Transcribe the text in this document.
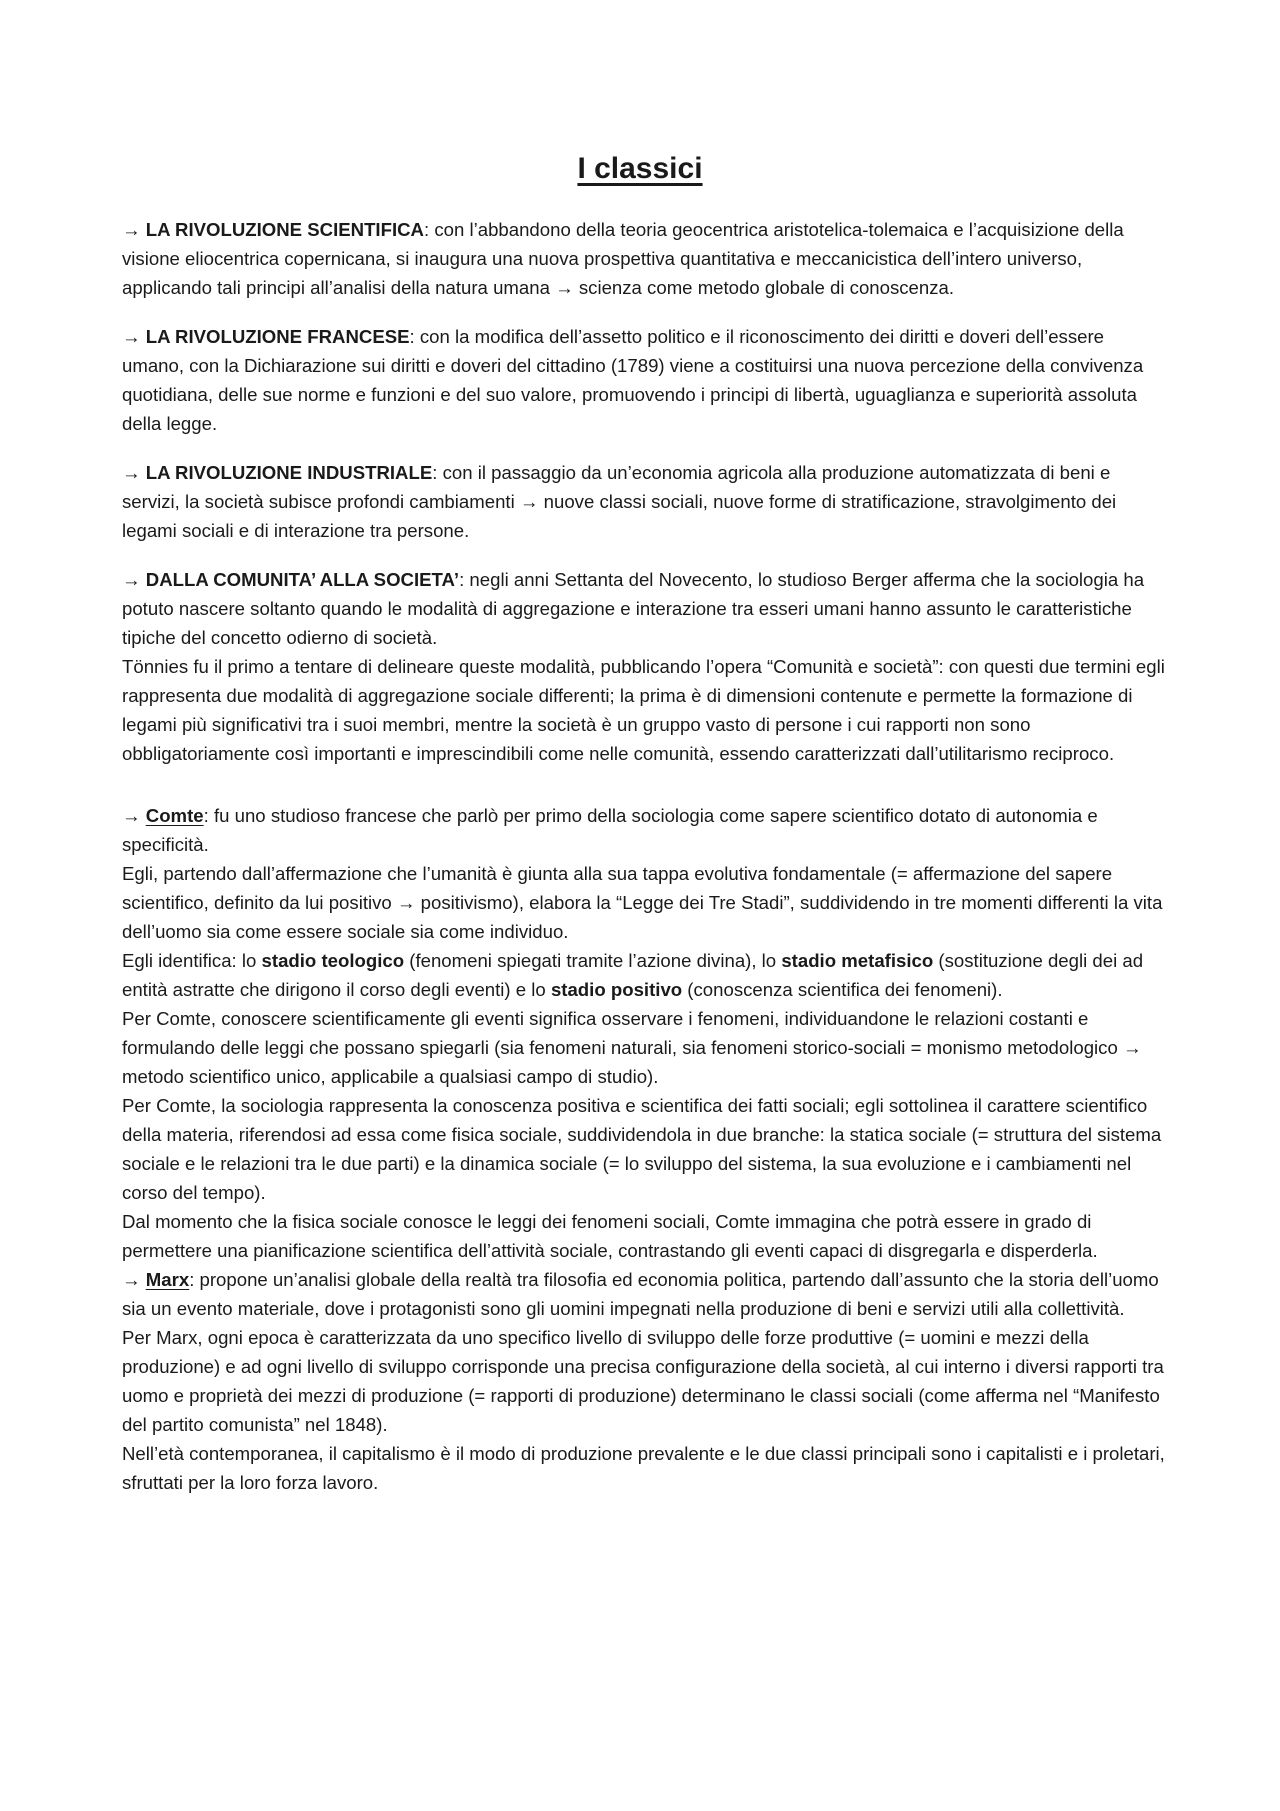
I classici

→ LA RIVOLUZIONE SCIENTIFICA: con l’abbandono della teoria geocentrica aristotelica-tolemaica e l’acquisizione della visione eliocentrica copernicana, si inaugura una nuova prospettiva quantitativa e meccanicistica dell’intero universo, applicando tali principi all’analisi della natura umana → scienza come metodo globale di conoscenza.

→ LA RIVOLUZIONE FRANCESE: con la modifica dell’assetto politico e il riconoscimento dei diritti e doveri dell’essere umano, con la Dichiarazione sui diritti e doveri del cittadino (1789) viene a costituirsi una nuova percezione della convivenza quotidiana, delle sue norme e funzioni e del suo valore, promuovendo i principi di libertà, uguaglianza e superiorità assoluta della legge.

→ LA RIVOLUZIONE INDUSTRIALE: con il passaggio da un’economia agricola alla produzione automatizzata di beni e servizi, la società subisce profondi cambiamenti → nuove classi sociali, nuove forme di stratificazione, stravolgimento dei legami sociali e di interazione tra persone.

→ DALLA COMUNITA’ ALLA SOCIETA’: negli anni Settanta del Novecento, lo studioso Berger afferma che la sociologia ha potuto nascere soltanto quando le modalità di aggregazione e interazione tra esseri umani hanno assunto le caratteristiche tipiche del concetto odierno di società.

Tönnies fu il primo a tentare di delineare queste modalità, pubblicando l’opera “Comunità e società”: con questi due termini egli rappresenta due modalità di aggregazione sociale differenti; la prima è di dimensioni contenute e permette la formazione di legami più significativi tra i suoi membri, mentre la società è un gruppo vasto di persone i cui rapporti non sono obbligatoriamente così importanti e imprescindibili come nelle comunità, essendo caratterizzati dall’utilitarismo reciproco.

→ Comte: fu uno studioso francese che parlò per primo della sociologia come sapere scientifico dotato di autonomia e specificità.

Egli, partendo dall’affermazione che l’umanità è giunta alla sua tappa evolutiva fondamentale (= affermazione del sapere scientifico, definito da lui positivo → positivismo), elabora la “Legge dei Tre Stadi”, suddividendo in tre momenti differenti la vita dell’uomo sia come essere sociale sia come individuo.

Egli identifica: lo stadio teologico (fenomeni spiegati tramite l’azione divina), lo stadio metafisico (sostituzione degli dei ad entità astratte che dirigono il corso degli eventi) e lo stadio positivo (conoscenza scientifica dei fenomeni).

Per Comte, conoscere scientificamente gli eventi significa osservare i fenomeni, individuandone le relazioni costanti e formulando delle leggi che possano spiegarli (sia fenomeni naturali, sia fenomeni storico-sociali = monismo metodologico → metodo scientifico unico, applicabile a qualsiasi campo di studio).

Per Comte, la sociologia rappresenta la conoscenza positiva e scientifica dei fatti sociali; egli sottolinea il carattere scientifico della materia, riferendosi ad essa come fisica sociale, suddividendola in due branche: la statica sociale (= struttura del sistema sociale e le relazioni tra le due parti) e la dinamica sociale (= lo sviluppo del sistema, la sua evoluzione e i cambiamenti nel corso del tempo).

Dal momento che la fisica sociale conosce le leggi dei fenomeni sociali, Comte immagina che potrà essere in grado di permettere una pianificazione scientifica dell’attività sociale, contrastando gli eventi capaci di disgregarla e disperderla.

→ Marx: propone un’analisi globale della realtà tra filosofia ed economia politica, partendo dall’assunto che la storia dell’uomo sia un evento materiale, dove i protagonisti sono gli uomini impegnati nella produzione di beni e servizi utili alla collettività.

Per Marx, ogni epoca è caratterizzata da uno specifico livello di sviluppo delle forze produttive (= uomini e mezzi della produzione) e ad ogni livello di sviluppo corrisponde una precisa configurazione della società, al cui interno i diversi rapporti tra uomo e proprietà dei mezzi di produzione (= rapporti di produzione) determinano le classi sociali (come afferma nel “Manifesto del partito comunista” nel 1848).

Nell’età contemporanea, il capitalismo è il modo di produzione prevalente e le due classi principali sono i capitalisti e i proletari, sfruttati per la loro forza lavoro.
